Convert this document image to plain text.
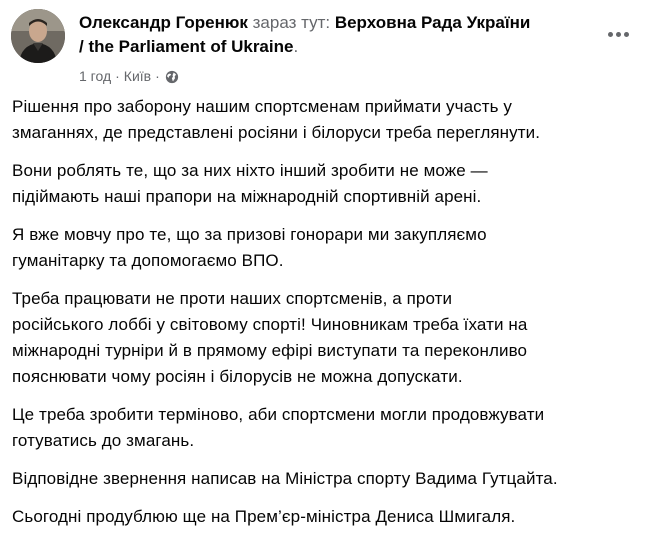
Олександр Горенюк зараз тут: Верховна Рада України
/ the Parliament of Ukraine.
1 год · Київ ·

Рішення про заборону нашим спортсменам приймати участь у
змаганнях, де представлені росіяни і білоруси треба переглянути.

Вони роблять те, що за них ніхто інший зробити не може —
підіймають наші прапори на міжнародній спортивній арені.

Я вже мовчу про те, що за призові гонорари ми закупляємо
гуманітарку та допомогаємо ВПО.

Треба працювати не проти наших спортсменів, а проти
російського лоббі у світовому спорті! Чиновникам треба їхати на
міжнародні турніри й в прямому ефірі виступати та переконливо
пояснювати чому росіян і білорусів не можна допускати.

Це треба зробити терміново, аби спортсмени могли продовжувати
готуватись до змагань.

Відповідне звернення написав на Міністра спорту Вадима Гутцайта.

Сьогодні продублюю ще на Прем’єр-міністра Дениса Шмигаля.
